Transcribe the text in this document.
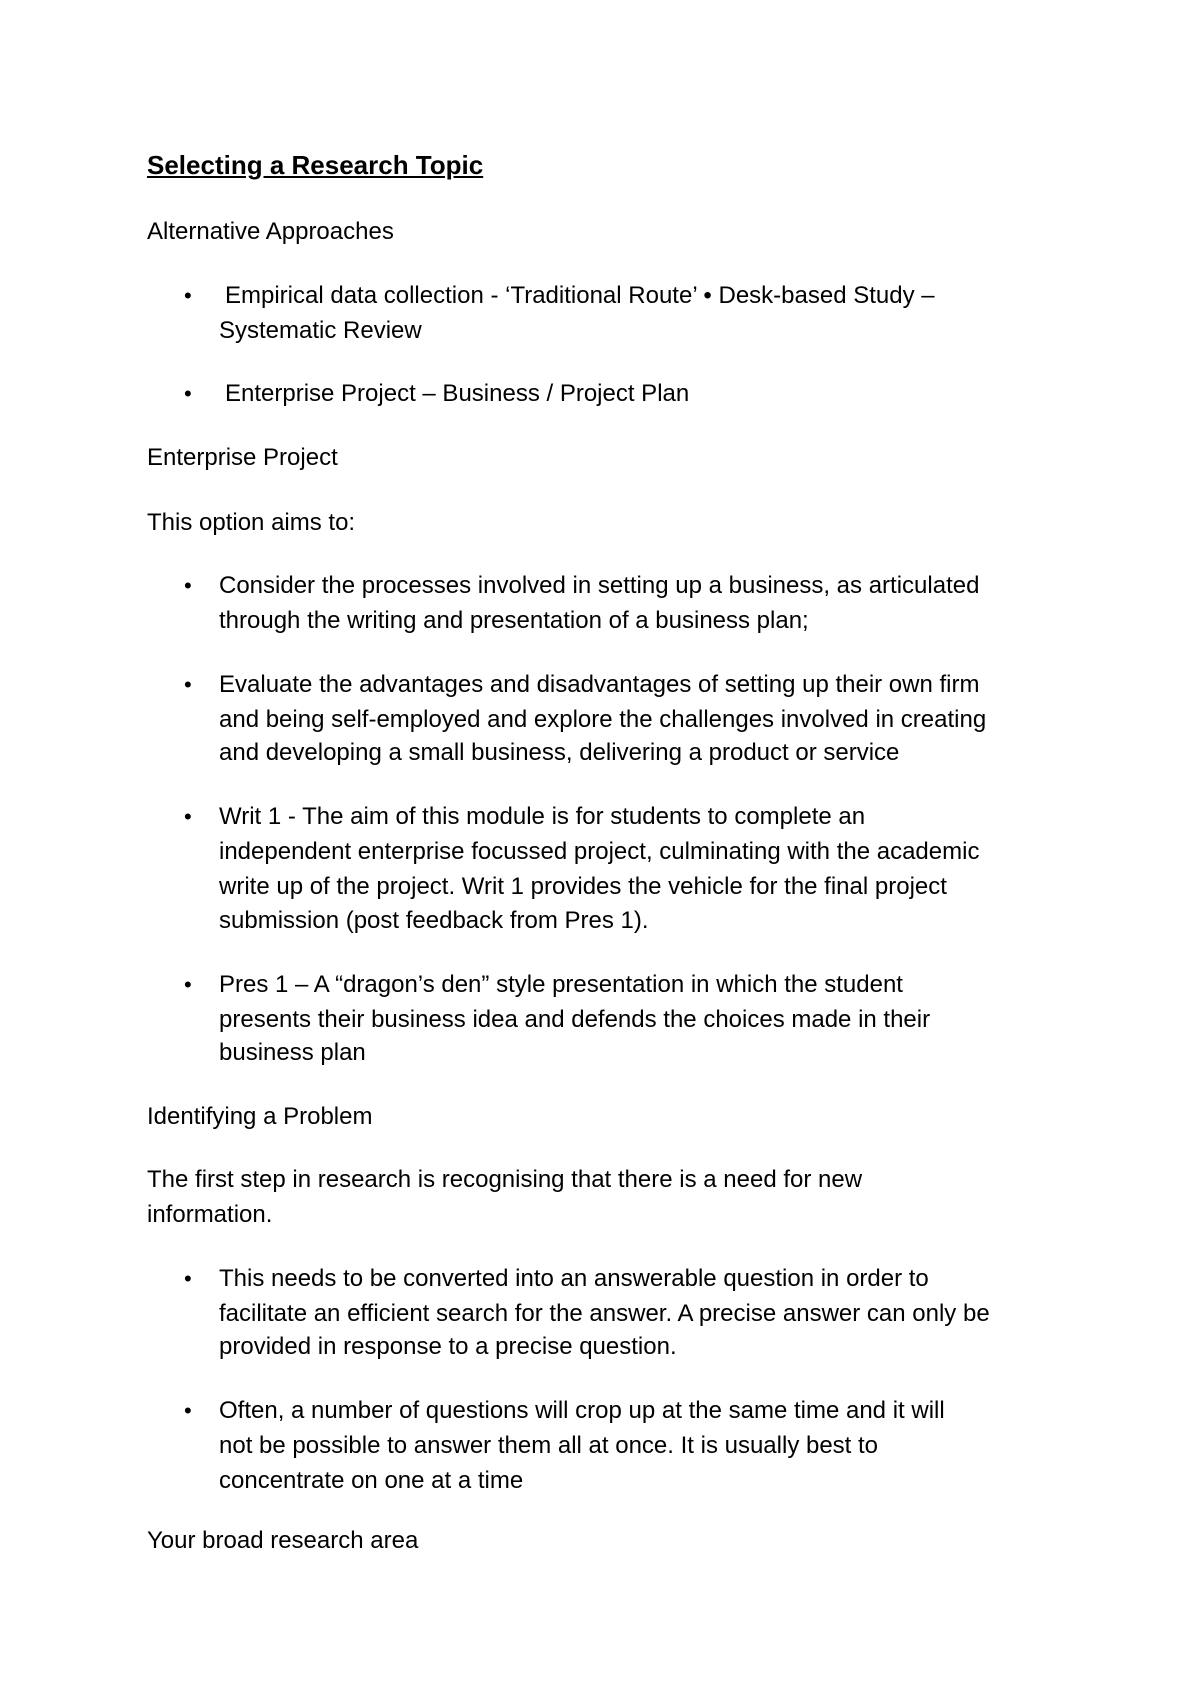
Selecting a Research Topic
Alternative Approaches
•	Empirical data collection - ‘Traditional Route’ • Desk-based Study –
Systematic Review
•	Enterprise Project – Business / Project Plan
Enterprise Project
This option aims to:
•	Consider the processes involved in setting up a business, as articulated
through the writing and presentation of a business plan;
•	Evaluate the advantages and disadvantages of setting up their own firm
and being self-employed and explore the challenges involved in creating
and developing a small business, delivering a product or service
•	Writ 1 - The aim of this module is for students to complete an
independent enterprise focussed project, culminating with the academic
write up of the project. Writ 1 provides the vehicle for the final project
submission (post feedback from Pres 1).
•	Pres 1 – A “dragon’s den” style presentation in which the student
presents their business idea and defends the choices made in their
business plan
Identifying a Problem
The first step in research is recognising that there is a need for new
information.
•	This needs to be converted into an answerable question in order to
facilitate an efficient search for the answer. A precise answer can only be
provided in response to a precise question.
•	Often, a number of questions will crop up at the same time and it will
not be possible to answer them all at once. It is usually best to
concentrate on one at a time
Your broad research area
